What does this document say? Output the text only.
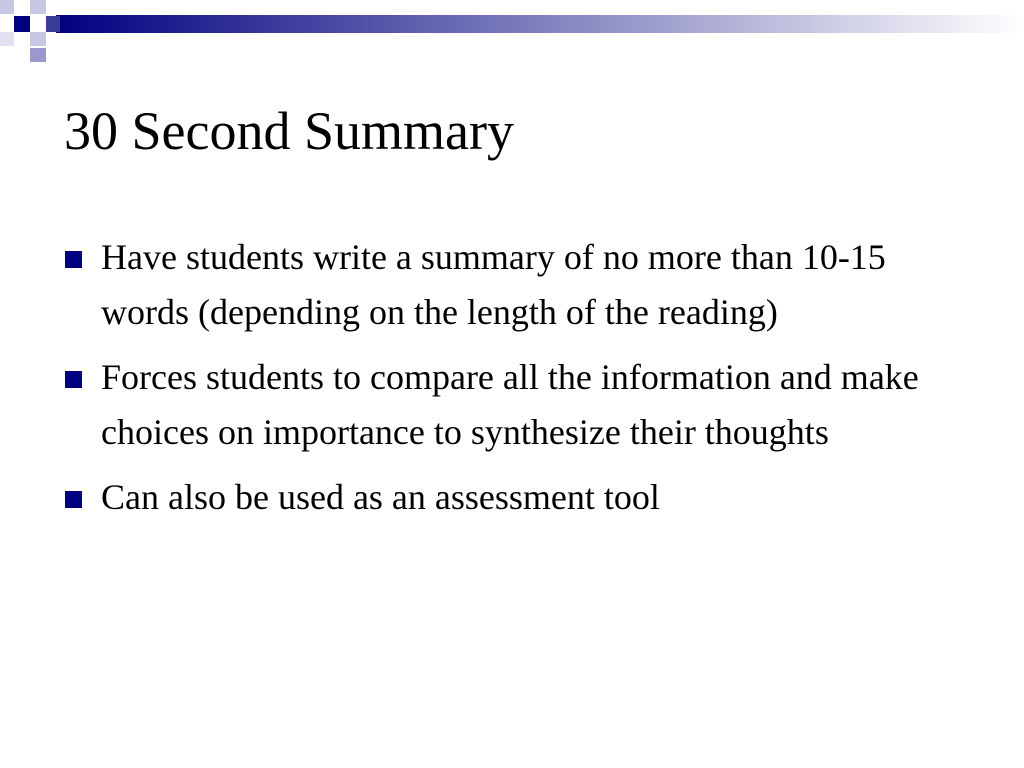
30 Second Summary
Have students write a summary of no more than 10-15 words (depending on the length of the reading)
Forces students to compare all the information and make choices on importance to synthesize their thoughts
Can also be used as an assessment tool
